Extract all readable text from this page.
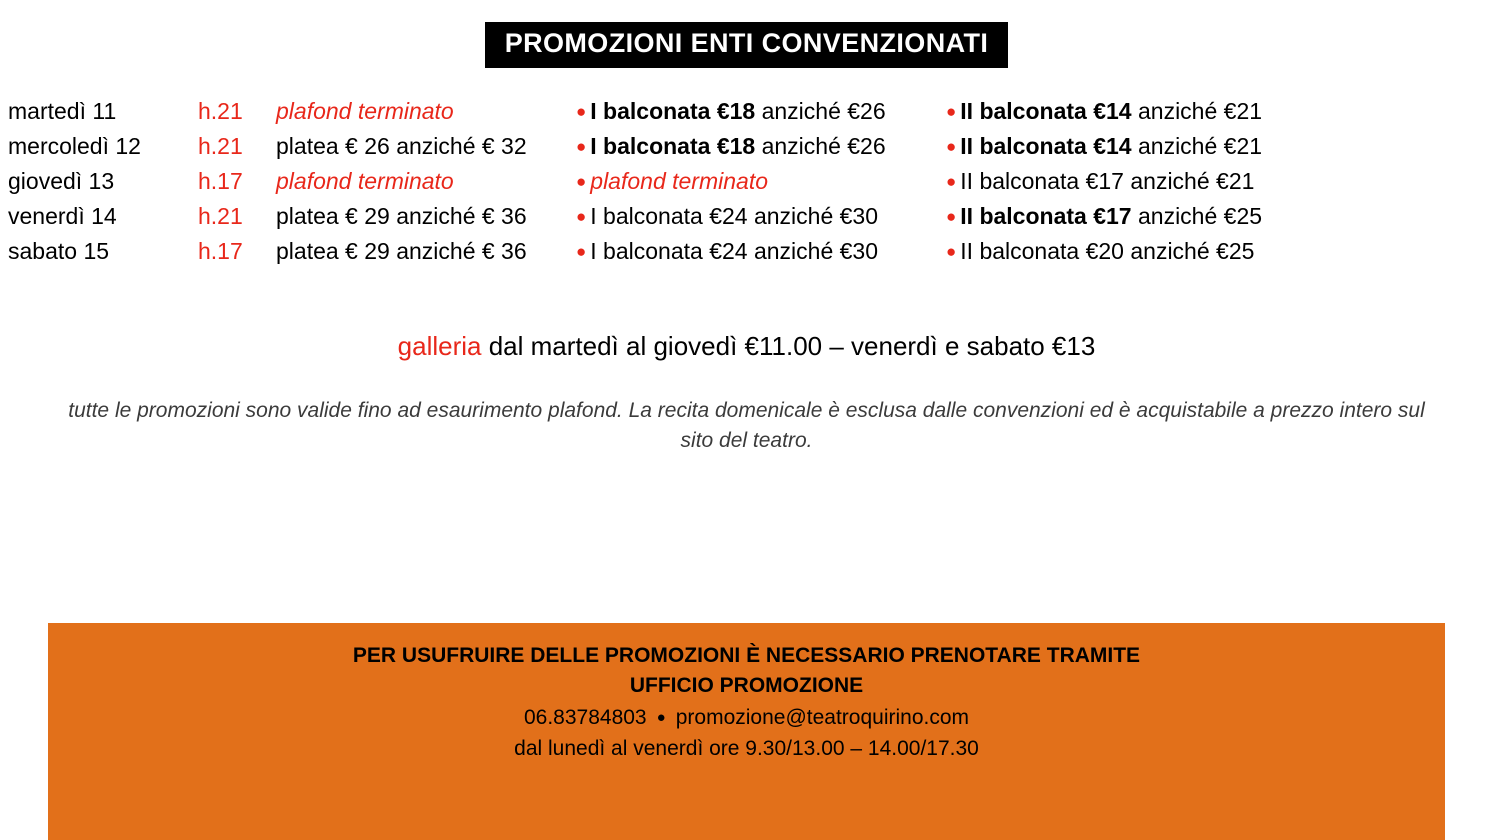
PROMOZIONI ENTI CONVENZIONATI
martedì 11	h.21	plafond terminato	● I balconata €18 anziché €26	● II balconata €14 anziché €21
mercoledì 12	h.21	platea € 26 anziché € 32	● I balconata €18 anziché €26	● II balconata €14 anziché €21
giovedì 13	h.17	plafond terminato	● plafond terminato	● II balconata €17 anziché €21
venerdì 14	h.21	platea € 29 anziché € 36	● I balconata €24 anziché €30	● II balconata €17 anziché €25
sabato 15	h.17	platea € 29 anziché € 36	● I balconata €24 anziché €30	● II balconata €20 anziché €25
galleria dal martedì al giovedì €11.00 – venerdì e sabato €13
tutte le promozioni sono valide fino ad esaurimento plafond. La recita domenicale è esclusa dalle convenzioni ed è acquistabile a prezzo intero sul sito del teatro.
PER USUFRUIRE DELLE PROMOZIONI È NECESSARIO PRENOTARE TRAMITE
UFFICIO PROMOZIONE
06.83784803  ●  promozione@teatroquirino.com
dal lunedì al venerdì ore 9.30/13.00 – 14.00/17.30
